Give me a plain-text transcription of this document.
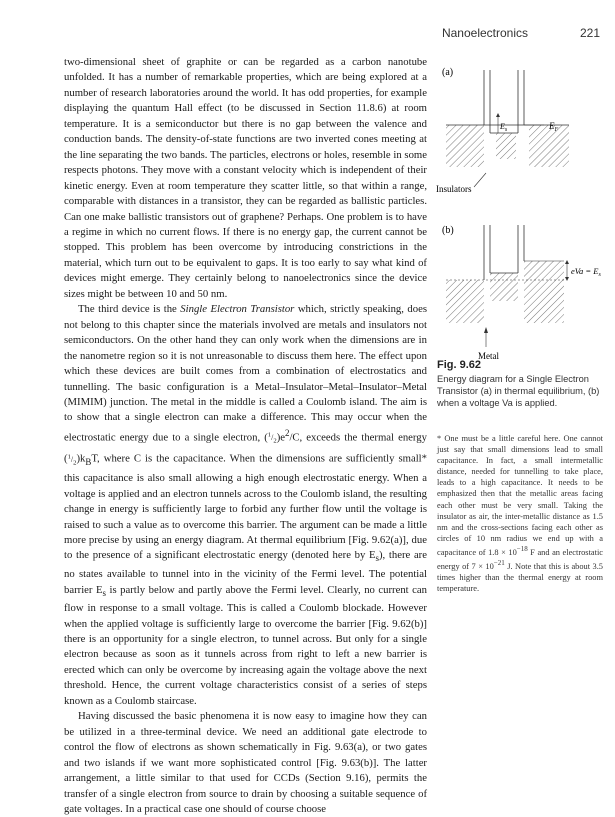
Nanoelectronics	221

two-dimensional sheet of graphite or can be regarded as a carbon nanotube unfolded. It has a number of remarkable properties, which are being explored at a number of research laboratories around the world. It has odd properties, for example displaying the quantum Hall effect (to be discussed in Section 11.8.6) at room temperature. It is a semiconductor but there is no gap between the valence and conduction bands. The density-of-state functions are two inverted cones meeting at the line separating the two bands. The particles, electrons or holes, resemble in some respects photons. They move with a constant velocity which is independent of their kinetic energy. Even at room temperature they scatter little, so that within a range, comparable with distances in a transistor, they can be regarded as ballistic particles. Can one make ballistic transistors out of graphene? Perhaps. One problem is to have a regime in which no current flows. If there is no energy gap, the current cannot be stopped. This problem has been overcome by introducing constrictions in the material, which turn out to be equivalent to gaps. It is too early to say what kind of devices might emerge. They certainly belong to nanoelectronics since the device sizes might be between 10 and 50 nm.

The third device is the Single Electron Transistor which, strictly speaking, does not belong to this chapter since the materials involved are metals and insulators not semiconductors. On the other hand they can only work when the dimensions are in the nanometre region so it is not unreasonable to discuss them here. The effect upon which these devices are built comes from a combination of electrostatics and tunnelling. The basic configuration is a Metal–Insulator–Metal–Insulator–Metal (MIMIM) junction. The metal in the middle is called a Coulomb island. The aim is to show that a single electron can make a difference. This may occur when the electrostatic energy due to a single electron, $(^1/_2)e^2/C$, exceeds the thermal energy $(^1/_2)k_BT$, where C is the capacitance. When the dimensions are sufficiently small* this capacitance is also small allowing a high enough electrostatic energy. When a voltage is applied and an electron tunnels across to the Coulomb island, the resulting change in energy is sufficiently large to forbid any further flow until the voltage is raised to such a value as to overcome this barrier. The argument can be made a little more precise by using an energy diagram. At thermal equilibrium [Fig. 9.62(a)], due to the presence of a significant electrostatic energy (denoted here by $E_s$), there are no states available to tunnel into in the vicinity of the Fermi level. The potential barrier $E_s$ is partly below and partly above the Fermi level. Clearly, no current can flow in response to a small voltage. This is called a Coulomb blockade. However when the applied voltage is sufficiently large to overcome the barrier [Fig. 9.62(b)] there is an opportunity for a single electron, to tunnel across. But only for a single electron because as soon as it tunnels across from right to left a new barrier is erected which can only be overcome by increasing again the voltage above the next threshold. Hence, the current voltage characteristics consist of a series of steps known as a Coulomb staircase.

Having discussed the basic phenomena it is now easy to imagine how they can be utilized in a three-terminal device. We need an additional gate electrode to control the flow of electrons as shown schematically in Fig. 9.63(a), or two gates and two islands if we want more sophisticated control [Fig. 9.63(b)]. The latter arrangement, a little similar to that used for CCDs (Section 9.16), permits the transfer of a single electron from source to drain by choosing a suitable sequence of gate voltages. In a practical case one should of course choose

(a)
$E_s$	$E_F$
Insulators
(b)
eVa = $E_s$
Metal
Fig. 9.62
Energy diagram for a Single Electron Transistor (a) in thermal equilibrium, (b) when a voltage Va is applied.

* One must be a little careful here. One cannot just say that small dimensions lead to small capacitance. In fact, a small intermetallic distance, needed for tunnelling to take place, leads to a high capacitance. It needs to be emphasized then that the metallic areas facing each other must be very small. Taking the insulator as air, the inter-metallic distance as 1.5 nm and the cross-sections facing each other as circles of 10 nm radius we end up with a capacitance of $1.8 \times 10^{-18}$ F and an electrostatic energy of $7 \times 10^{-21}$ J. Note that this is about 3.5 times higher than the thermal energy at room temperature.
